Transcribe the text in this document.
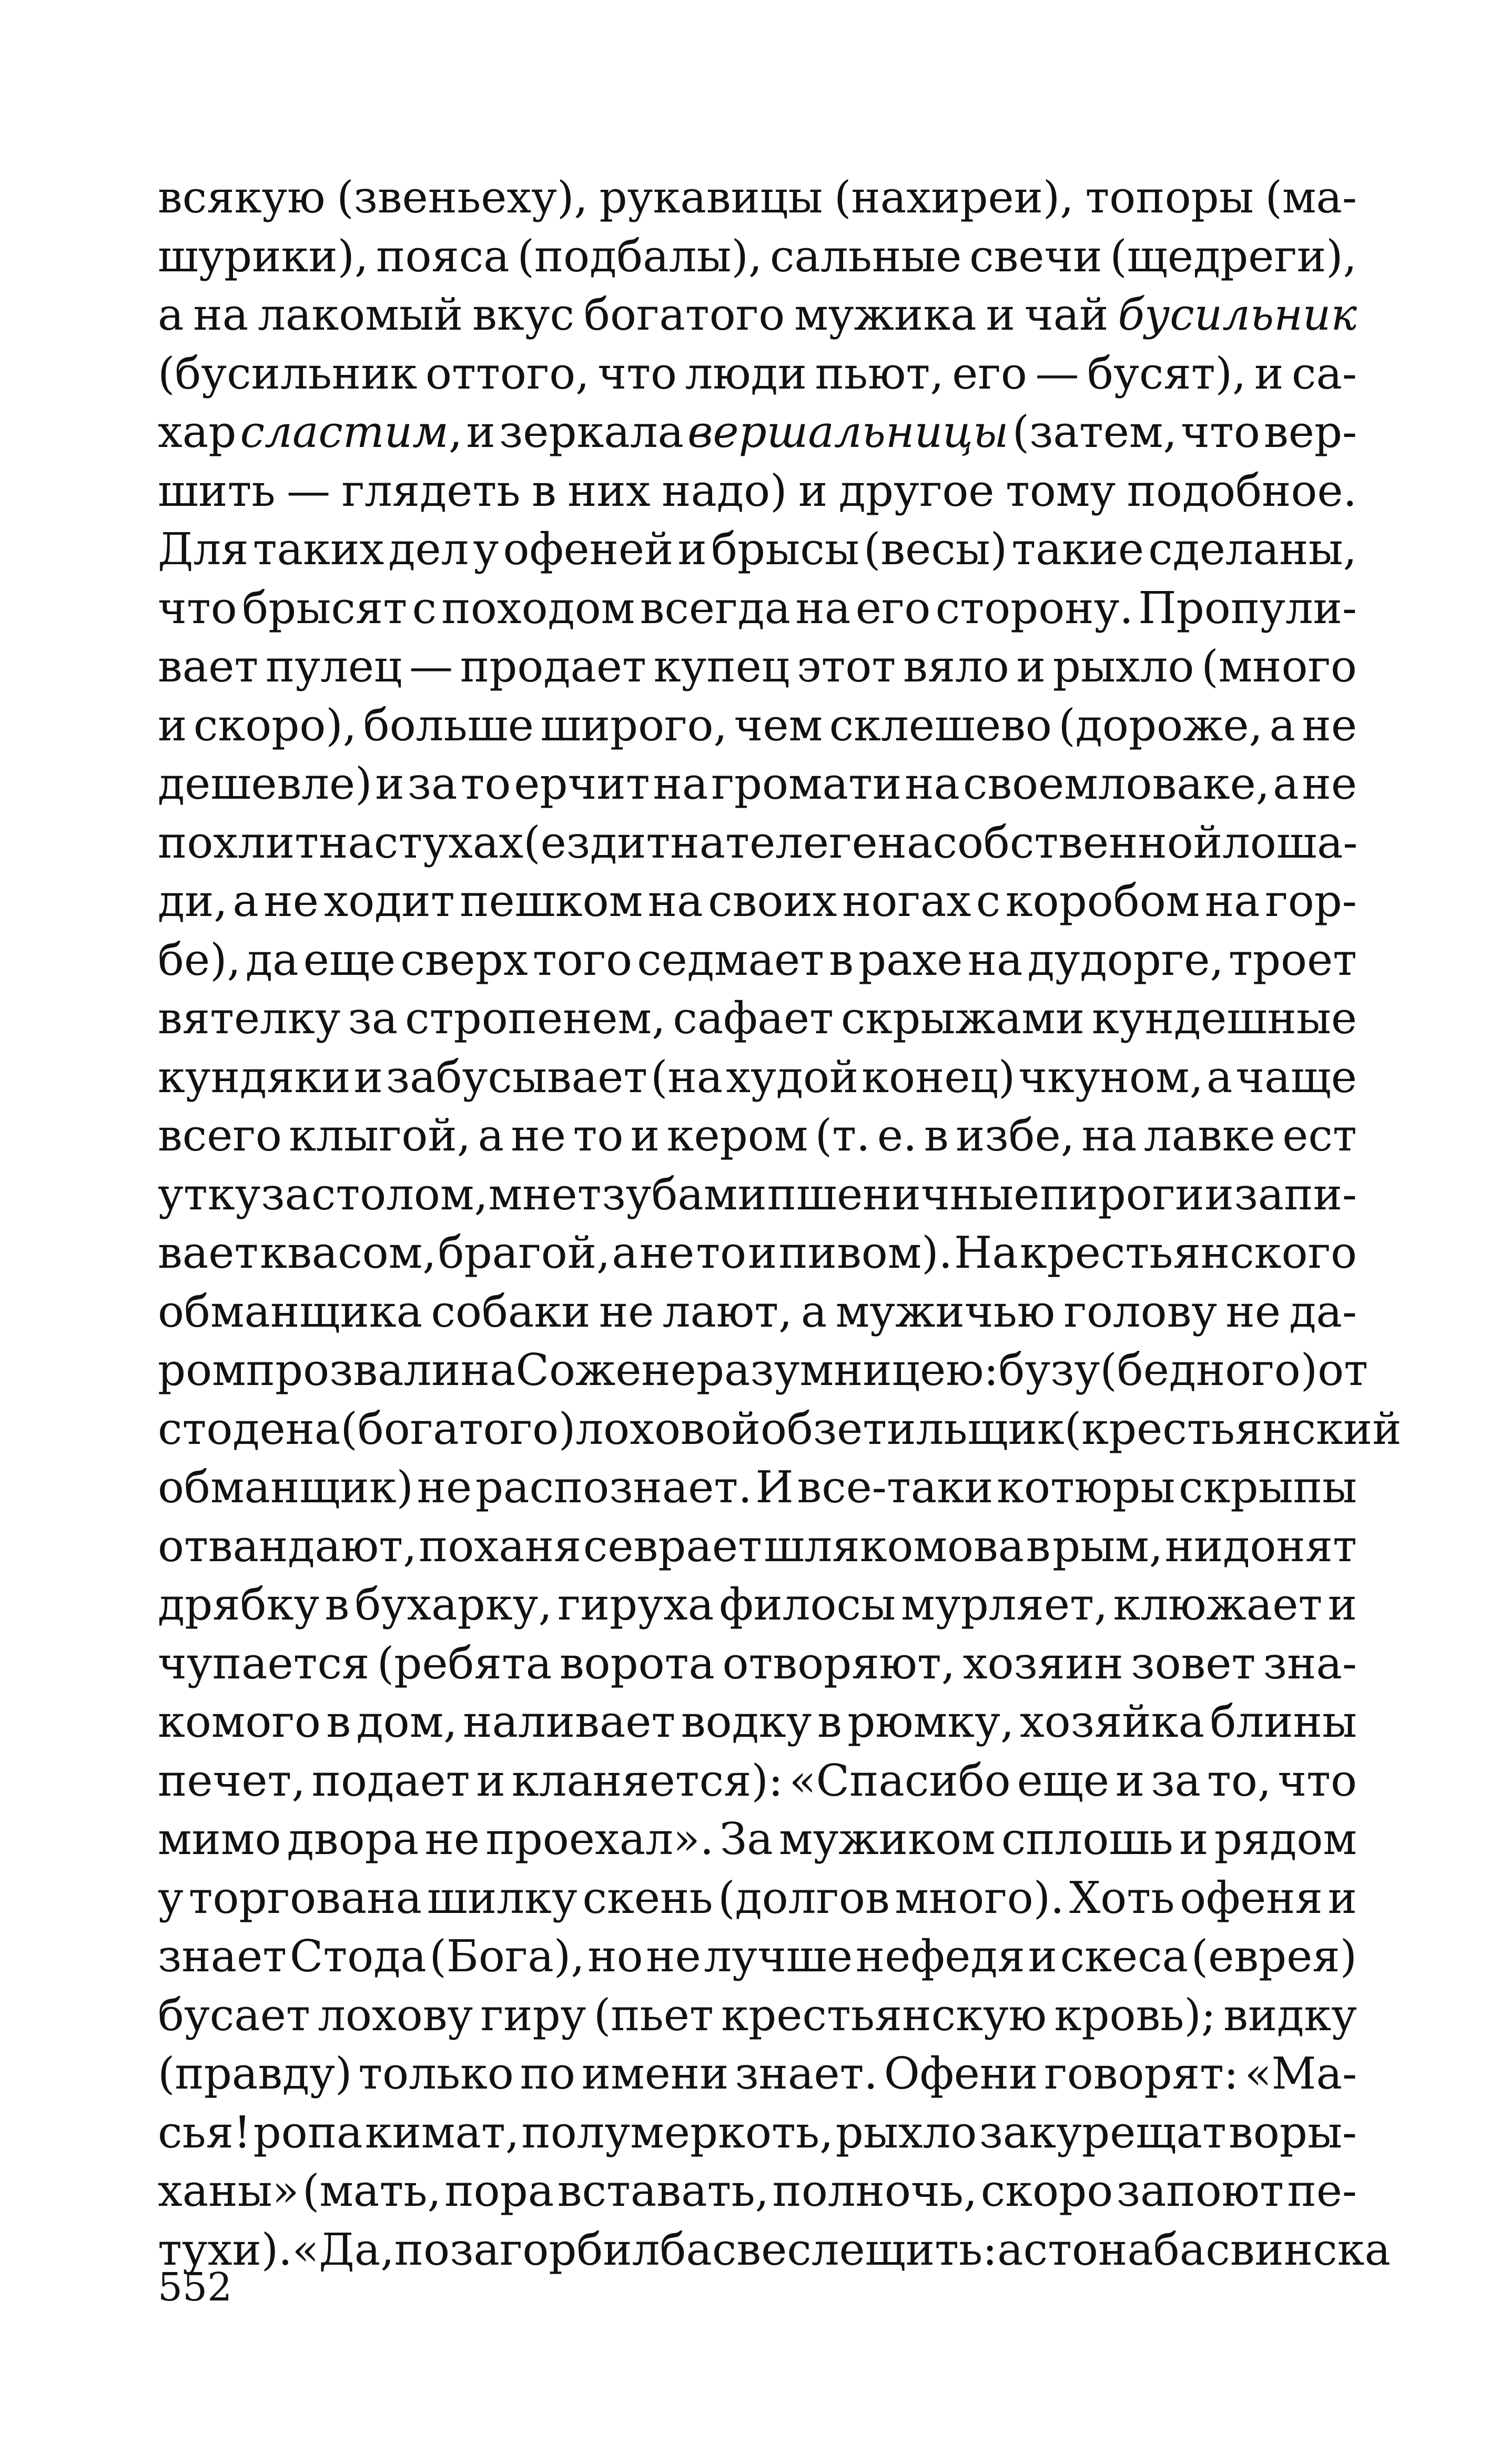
всякую (звеньеху), рукавицы (нахиреи), топоры (ма-
шурики), пояса (подбалы), сальные свечи (щедреги),
а на лакомый вкус богатого мужика и чай бусильник
(бусильник оттого, что люди пьют, его — бусят), и са-
хар сластим, и зеркала вершальницы (затем, что вер-
шить — глядеть в них надо) и другое тому подобное.
Для таких дел у офеней и брысы (весы) такие сделаны,
что брысят с походом всегда на его сторону. Пропули-
вает пулец — продает купец этот вяло и рыхло (много
и скоро), больше широго, чем склешево (дороже, а не
дешевле) и за то ерчит на громати на своемловаке, а не
похлит на стухах (ездит на телеге на собственной лоша-
ди, а не ходит пешком на своих ногах с коробом на гор-
бе), да еще сверх того седмает в рахе на дудорге, троет
вятелку за стропенем, сафает скрыжами кундешные
кундяки и забусывает (на худой конец) чкуном, а чаще
всего клыгой, а не то и кером (т. е. в избе, на лавке ест
утку за столом, мнет зубами пшеничные пироги и запи-
вает квасом, брагой, а не то и пивом). На крестьянского
обманщика собаки не лают, а мужичью голову не да-
ром прозвали на Соже неразумницею: бузу (бедного) от
стодена (богатого) лоховой обзетильщик (крестьянский
обманщик) не распознает. И все-таки котюры скрыпы
отвандают, поханя севрает шлякомова в рым, нидонят
дрябку в бухарку, гируха филосы мурляет, клюжает и
чупается (ребята ворота отворяют, хозяин зовет зна-
комого в дом, наливает водку в рюмку, хозяйка блины
печет, подает и кланяется): «Спасибо еще и за то, что
мимо двора не проехал». За мужиком сплошь и рядом
у торгована шилку скень (долгов много). Хоть офеня и
знает Стода (Бога), но не лучше нефедя и скеса (еврея)
бусает лохову гиру (пьет крестьянскую кровь); видку
(правду) только по имени знает. Офени говорят: «Ма-
сья! ропа кимат, полумеркоть, рыхло закурещат воры-
ханы» (мать, пора вставать, полночь, скоро запоют пе-
тухи). «Да, позагорбил басве слещить: астона басвинска
552
